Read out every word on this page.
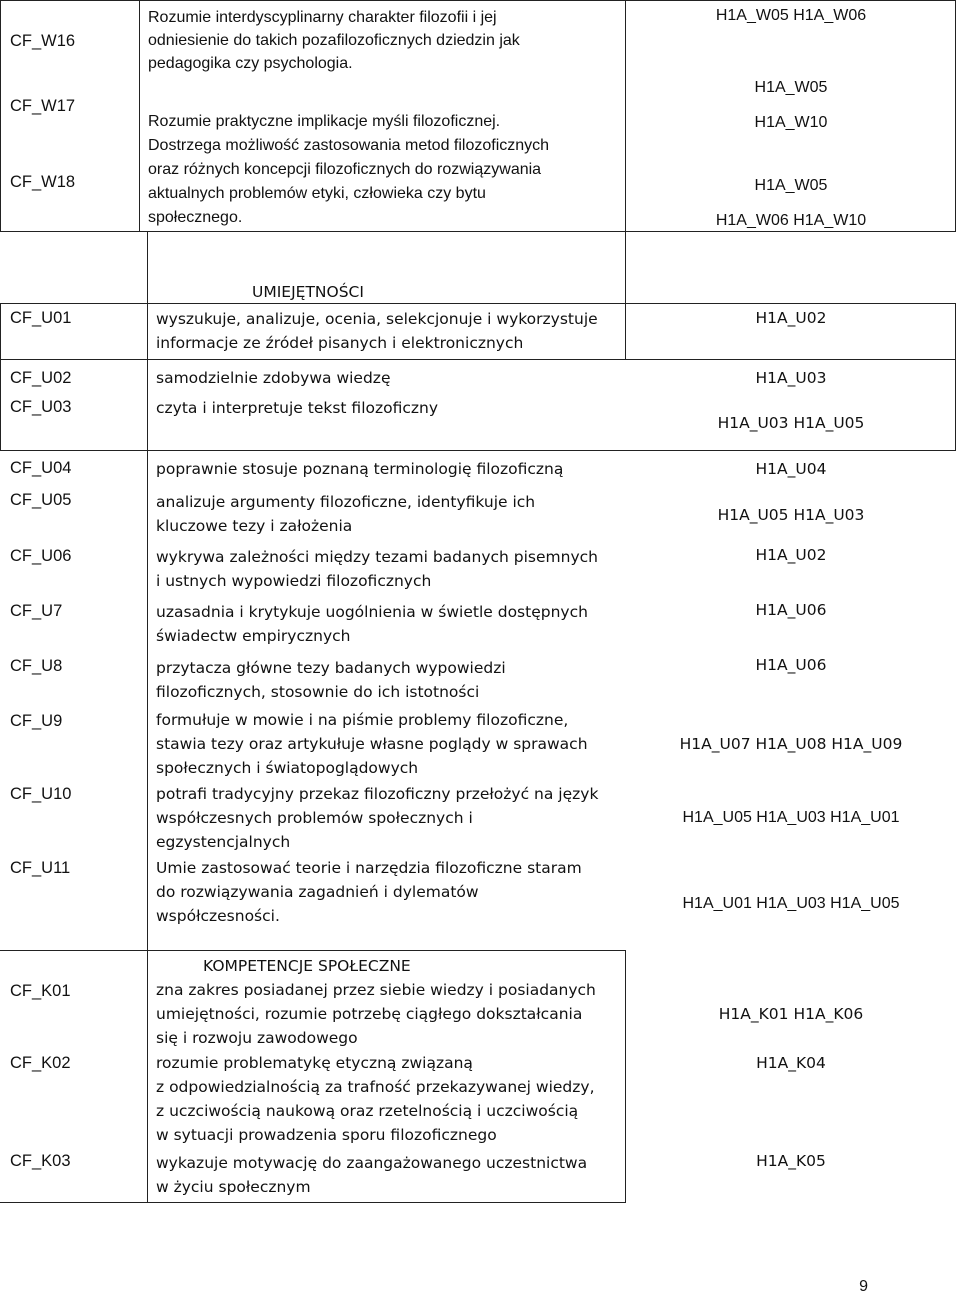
CF_W16
CF_W17
CF_W18
Rozumie interdyscyplinarny charakter filozofii i jej
odniesienie do takich pozafilozoficznych dziedzin jak
pedagogika czy psychologia.
Rozumie praktyczne implikacje myśli filozoficznej.
Dostrzega możliwość zastosowania metod filozoficznych
oraz różnych koncepcji filozoficznych do rozwiązywania
aktualnych problemów etyki, człowieka czy bytu
społecznego.
H1A_W05 H1A_W06
H1A_W05
H1A_W10
H1A_W05
H1A_W06 H1A_W10
CF_U01
CF_U02
CF_U03
CF_U04
CF_U05
CF_U06
CF_U7
CF_U8
CF_U9
CF_U10
CF_U11
UMIEJĘTNOŚCI
wyszukuje, analizuje, ocenia, selekcjonuje i wykorzystuje
informacje ze źródeł pisanych i elektronicznych
samodzielnie zdobywa wiedzę
czyta i interpretuje tekst filozoficzny
poprawnie stosuje poznaną terminologię filozoficzną
analizuje argumenty filozoficzne, identyfikuje ich
kluczowe tezy i założenia
wykrywa zależności między tezami badanych pisemnych
i ustnych wypowiedzi filozoficznych
uzasadnia i krytykuje uogólnienia w świetle dostępnych
świadectw empirycznych
przytacza główne tezy badanych wypowiedzi
filozoficznych, stosownie do ich istotności
formułuje w mowie i na piśmie problemy filozoficzne,
stawia tezy oraz artykułuje własne poglądy w sprawach
społecznych i światopoglądowych
potrafi tradycyjny przekaz filozoficzny przełożyć na język
współczesnych problemów społecznych i
egzystencjalnych
Umie zastosować teorie i narzędzia filozoficzne staram
do rozwiązywania zagadnień i dylematów
współczesności.
H1A_U02
H1A_U03
H1A_U03 H1A_U05
H1A_U04
H1A_U05 H1A_U03
H1A_U02
H1A_U06
H1A_U06
H1A_U07 H1A_U08 H1A_U09
H1A_U05 H1A_U03 H1A_U01
H1A_U01 H1A_U03 H1A_U05
KOMPETENCJE SPOŁECZNE
CF_K01
CF_K02
CF_K03
zna zakres posiadanej przez siebie wiedzy i posiadanych
umiejętności, rozumie potrzebę ciągłego dokształcania
się i rozwoju zawodowego
rozumie problematykę etyczną związaną
z odpowiedzialnością za trafność przekazywanej wiedzy,
z uczciwością naukową oraz rzetelnością i uczciwością
w sytuacji prowadzenia sporu filozoficznego
wykazuje motywację do zaangażowanego uczestnictwa
w życiu społecznym
H1A_K01 H1A_K06
H1A_K04
H1A_K05
9
